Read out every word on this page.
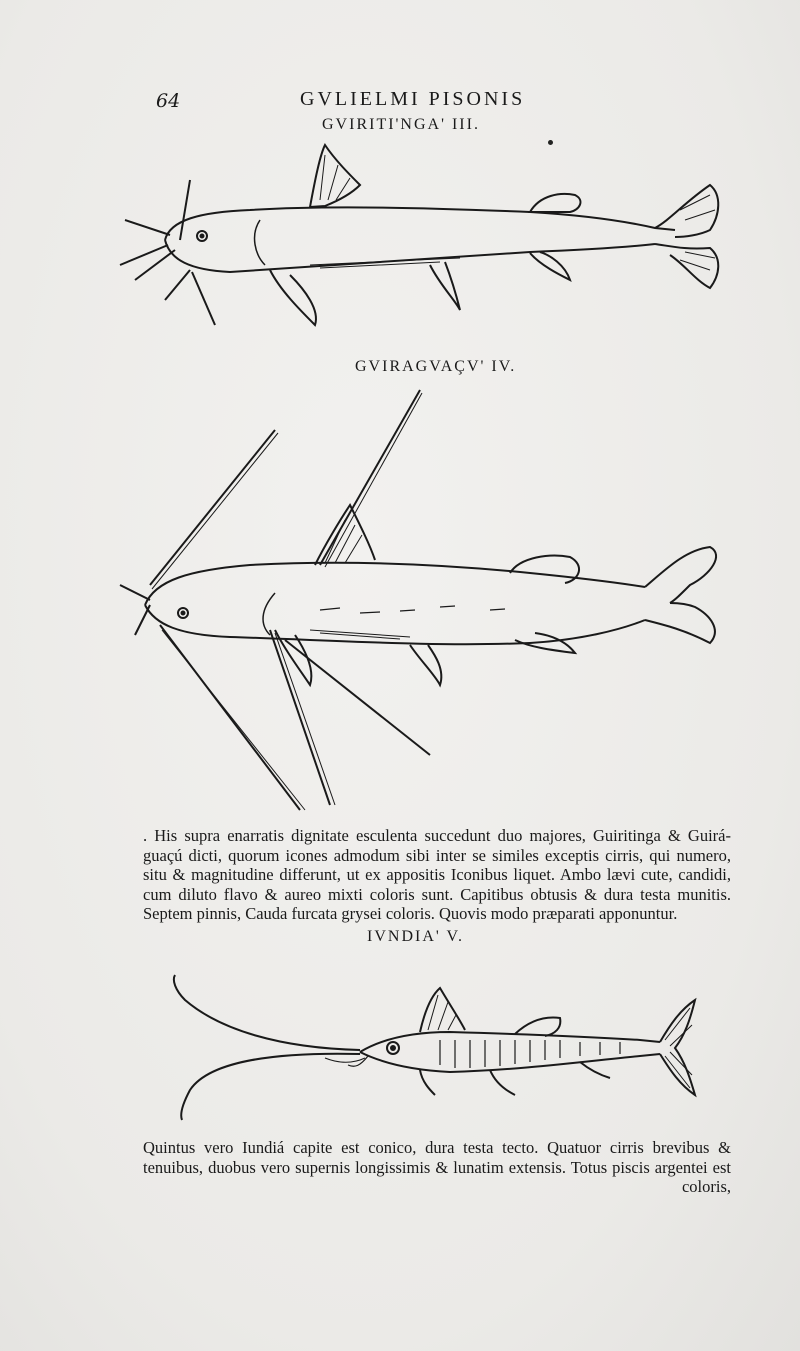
64	GVLIELMI PISONIS
GVIRITI'NGA' III.
GVIRAGVAÇV' IV.
. His supra enarratis dignitate esculenta succedunt duo majores, Guiritinga & Guirá-
guaçú dicti, quorum icones admodum sibi inter se similes exceptis cirris, qui numero,
situ & magnitudine differunt, ut ex appositis Iconibus liquet. Ambo lævi cute, candidi,
cum diluto flavo & aureo mixti coloris sunt. Capitibus obtusis & dura testa munitis.
Septem pinnis, Cauda furcata grysei coloris. Quovis modo præparati apponuntur.
IVNDIA' V.
Quintus vero Iundiá capite est conico, dura testa tecto. Quatuor cirris brevibus &
tenuibus, duobus vero supernis longissimis & lunatim extensis. Totus piscis argentei est
coloris,
